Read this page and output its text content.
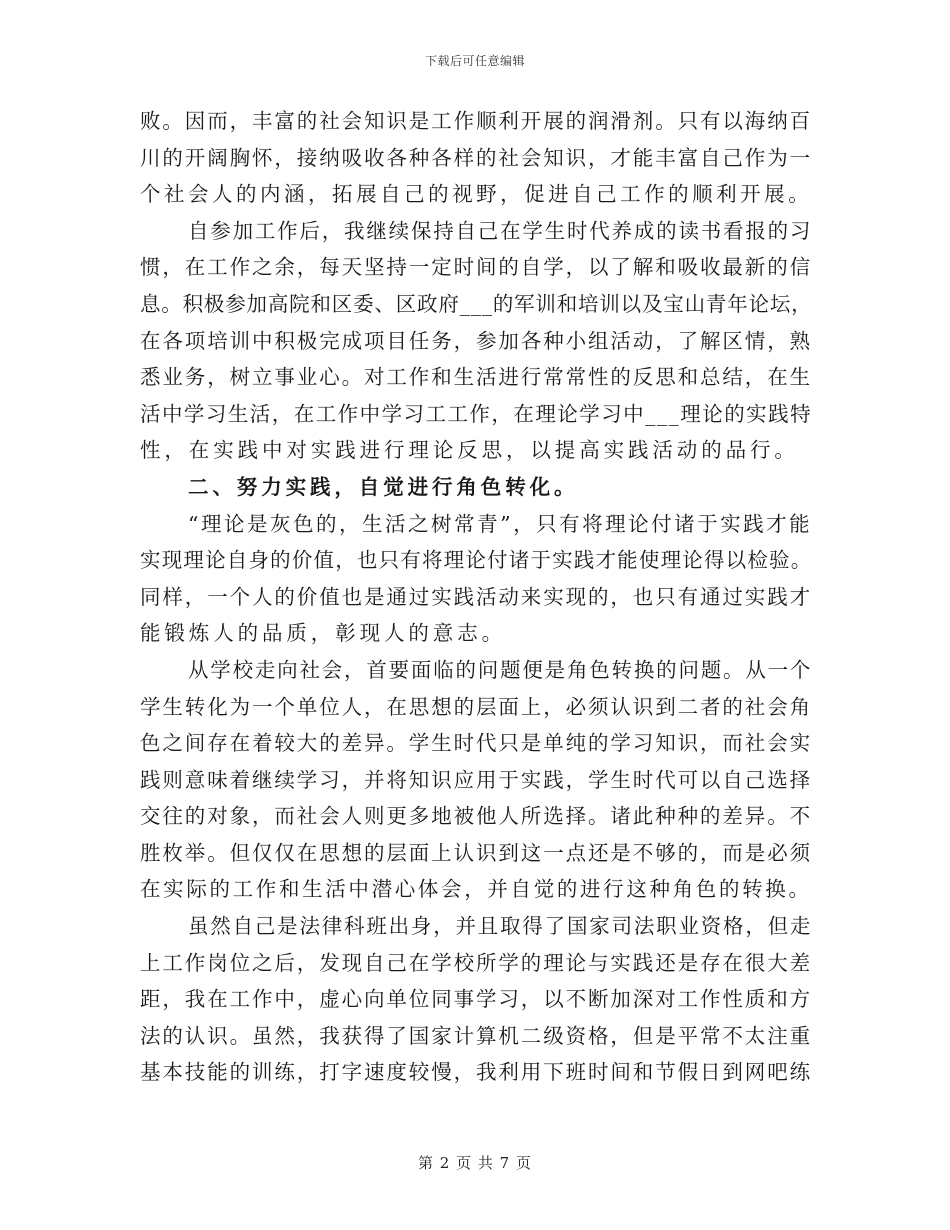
下载后可任意编辑
败。因而，丰富的社会知识是工作顺利开展的润滑剂。只有以海纳百
川的开阔胸怀，接纳吸收各种各样的社会知识，才能丰富自己作为一
个社会人的内涵，拓展自己的视野，促进自己工作的顺利开展。
自参加工作后，我继续保持自己在学生时代养成的读书看报的习
惯，在工作之余，每天坚持一定时间的自学，以了解和吸收最新的信
息。积极参加高院和区委、区政府___的军训和培训以及宝山青年论坛，
在各项培训中积极完成项目任务，参加各种小组活动，了解区情，熟
悉业务，树立事业心。对工作和生活进行常常性的反思和总结，在生
活中学习生活，在工作中学习工工作，在理论学习中___理论的实践特
性，在实践中对实践进行理论反思，以提高实践活动的品行。
二、努力实践，自觉进行角色转化。
“理论是灰色的，生活之树常青”，只有将理论付诸于实践才能
实现理论自身的价值，也只有将理论付诸于实践才能使理论得以检验。
同样，一个人的价值也是通过实践活动来实现的，也只有通过实践才
能锻炼人的品质，彰现人的意志。
从学校走向社会，首要面临的问题便是角色转换的问题。从一个
学生转化为一个单位人，在思想的层面上，必须认识到二者的社会角
色之间存在着较大的差异。学生时代只是单纯的学习知识，而社会实
践则意味着继续学习，并将知识应用于实践，学生时代可以自己选择
交往的对象，而社会人则更多地被他人所选择。诸此种种的差异。不
胜枚举。但仅仅在思想的层面上认识到这一点还是不够的，而是必须
在实际的工作和生活中潜心体会，并自觉的进行这种角色的转换。
虽然自己是法律科班出身，并且取得了国家司法职业资格，但走
上工作岗位之后，发现自己在学校所学的理论与实践还是存在很大差
距，我在工作中，虚心向单位同事学习，以不断加深对工作性质和方
法的认识。虽然，我获得了国家计算机二级资格，但是平常不太注重
基本技能的训练，打字速度较慢，我利用下班时间和节假日到网吧练
第 2 页 共 7 页
